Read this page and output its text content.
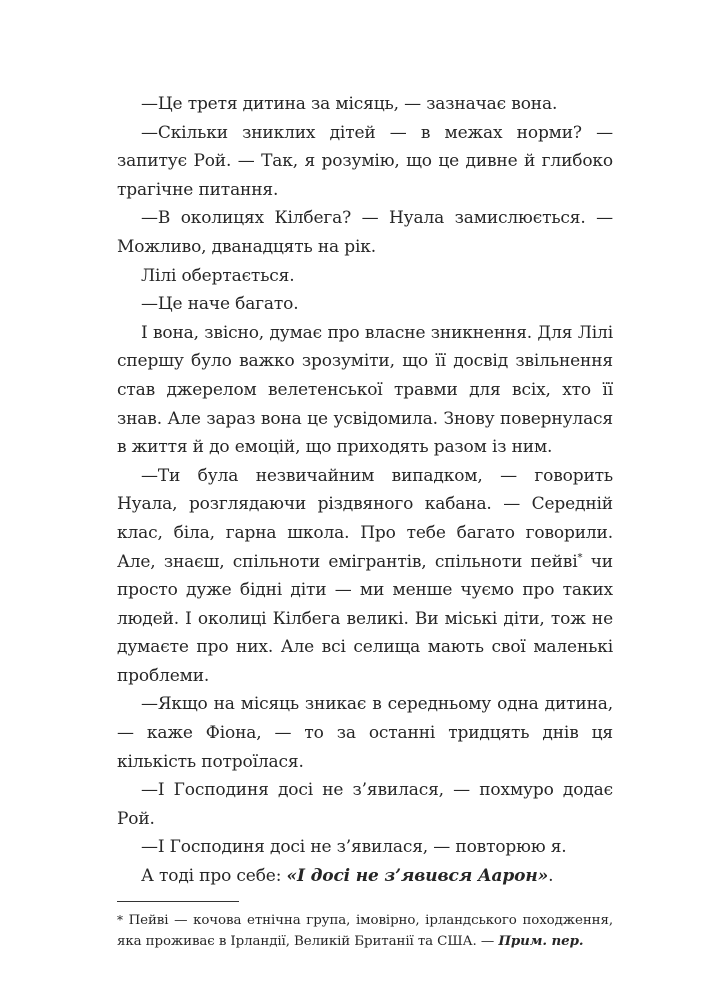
—Це третя дитина за місяць, — зазначає вона.

—Скільки зниклих дітей — в межах норми? — запитує Рой. — Так, я розумію, що це дивне й глибоко трагічне питання.

—В околицях Кілбега? — Нуала замислюється. — Можливо, дванадцять на рік.

Лілі обертається.

—Це наче багато.

І вона, звісно, думає про власне зникнення. Для Лілі спершу було важко зрозуміти, що її досвід звільнення став джерелом велетенської травми для всіх, хто її знав. Але зараз вона це усвідомила. Знову повернулася в життя й до емоцій, що приходять разом із ним.

—Ти була незвичайним випадком, — говорить Нуала, розглядаючи різдвяного кабана. — Середній клас, біла, гарна школа. Про тебе багато говорили. Але, знаєш, спільноти емігрантів, спільноти пейві* чи просто дуже бідні діти — ми менше чуємо про таких людей. І околиці Кілбега великі. Ви міські діти, тож не думаєте про них. Але всі селища мають свої маленькі проблеми.

—Якщо на місяць зникає в середньому одна дитина, — каже Фіона, — то за останні тридцять днів ця кількість потроїлася.

—І Господиня досі не з’явилася, — похмуро додає Рой.

—І Господиня досі не з’явилася, — повторюю я.

А тоді про себе: «І досі не з’явився Аарон».

* Пейві — кочова етнічна група, імовірно, ірландського походження, яка проживає в Ірландії, Великій Британії та США. — Прим. пер.
